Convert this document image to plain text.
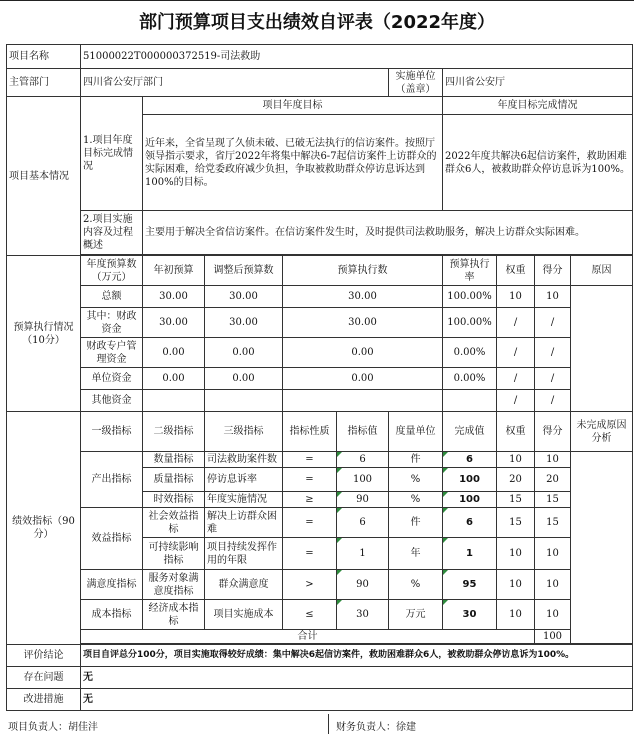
部门预算项目支出绩效自评表（2022年度）
项目名称	51000022T000000372519-司法救助									
主管部门	四川省公安厅部门					实施单位（盖章）	四川省公安厅			
项目基本情况	1.项目年度目标完成情况	项目年度目标					年度目标完成情况			
		近年来，全省呈现了久侦未破、已破无法执行的信访案件。按照厅领导指示要求，省厅2022年将集中解决6-7起信访案件上访群众的实际困难，给党委政府减少负担，争取被救助群众停访息诉达到100%的目标。					2022年度共解决6起信访案件，救助困难群众6人，被救助群众停访息诉为100%。			
	2.项目实施内容及过程概述	主要用于解决全省信访案件。在信访案件发生时，及时提供司法救助服务，解决上访群众实际困难。								

预算执行情况（10分）	年度预算数（万元）	年初预算	调整后预算数	预算执行数			预算执行率	权重	得分	原因
	总额	30.00	30.00	30.00			100.00%	10	10	
	其中：财政资金	30.00	30.00	30.00			100.00%	/	/	
	财政专户管理资金	0.00	0.00	0.00			0.00%	/	/	
	单位资金	0.00	0.00	0.00			0.00%	/	/	
	其他资金							/	/	
绩效指标（90分）	一级指标	二级指标	三级指标	指标性质	指标值	度量单位	完成值	权重	得分	未完成原因分析
	产出指标	数量指标	司法救助案件数	=	6	件	6	10	10	
		质量指标	停访息诉率	=	100	%	100	20	20	
		时效指标	年度实施情况	≥	90	%	100	15	15	
	效益指标	社会效益指标	解决上访群众困难	=	6	件	6	15	15	
		可持续影响指标	项目持续发挥作用的年限	=	1	年	1	10	10	
	满意度指标	服务对象满意度指标	群众满意度	>	90	%	95	10	10	
	成本指标	经济成本指标	项目实施成本	≤	30	万元	30	10	10	
	合计								100	

评价结论	项目自评总分100分，项目实施取得较好成绩：集中解决6起信访案件，救助困难群众6人，被救助群众停访息诉为100%。									
存在问题	无									
改进措施	无									
项目负责人：胡佳沣	财务负责人：徐建
